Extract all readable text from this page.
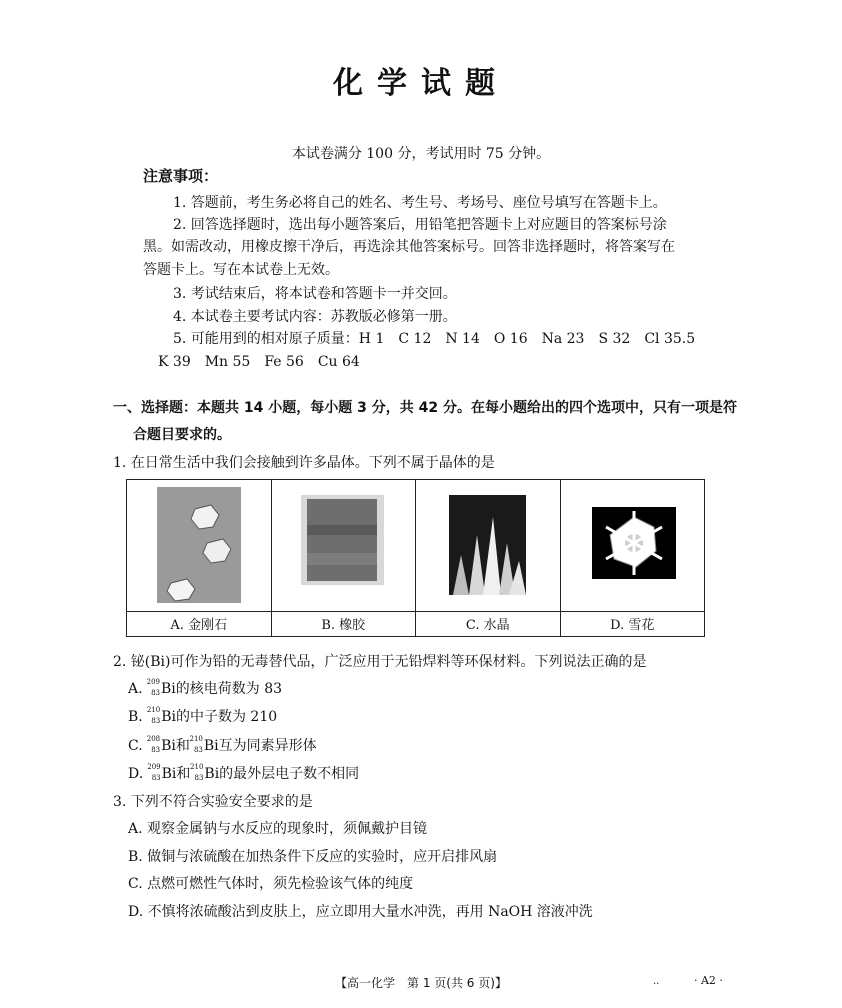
化学试题
本试卷满分 100 分，考试用时 75 分钟。
注意事项：
1. 答题前，考生务必将自己的姓名、考生号、考场号、座位号填写在答题卡上。
2. 回答选择题时，选出每小题答案后，用铅笔把答题卡上对应题目的答案标号涂
黑。如需改动，用橡皮擦干净后，再选涂其他答案标号。回答非选择题时，将答案写在
答题卡上。写在本试卷上无效。
3. 考试结束后，将本试卷和答题卡一并交回。
4. 本试卷主要考试内容：苏教版必修第一册。
5. 可能用到的相对原子质量：H 1　C 12　N 14　O 16　Na 23　S 32　Cl 35.5
K 39　Mn 55　Fe 56　Cu 64
一、选择题：本题共 14 小题，每小题 3 分，共 42 分。在每小题给出的四个选项中，只有一项是符
合题目要求的。
1. 在日常生活中我们会接触到许多晶体。下列不属于晶体的是
A. 金刚石	B. 橡胶	C. 水晶	D. 雪花
2. 铋(Bi)可作为铅的无毒替代品，广泛应用于无铅焊料等环保材料。下列说法正确的是
A. 209
83 Bi的核电荷数为 83
B. 210
83 Bi的中子数为 210
C. 208
83 Bi和 210
83 Bi互为同素异形体
D. 209
83 Bi和 210
83 Bi的最外层电子数不相同
3. 下列不符合实验安全要求的是
A. 观察金属钠与水反应的现象时，须佩戴护目镜
B. 做铜与浓硫酸在加热条件下反应的实验时，应开启排风扇
C. 点燃可燃性气体时，须先检验该气体的纯度
D. 不慎将浓硫酸沾到皮肤上，应立即用大量水冲洗，再用 NaOH 溶液冲洗
【高一化学　第 1 页(共 6 页)】	..	· A2 ·
